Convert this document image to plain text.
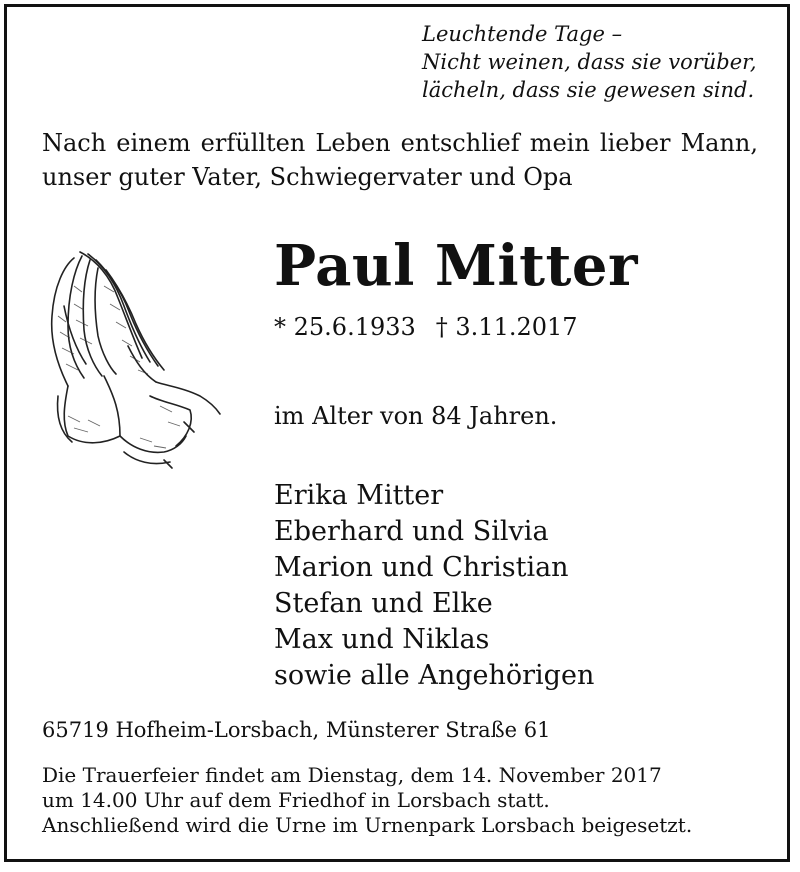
Leuchtende Tage –
Nicht weinen, dass sie vorüber,
lächeln, dass sie gewesen sind.
Nach einem erfüllten Leben entschlief mein lieber Mann, unser guter Vater, Schwiegervater und Opa
Paul Mitter
* 25.6.1933 † 3.11.2017
im Alter von 84 Jahren.
Erika Mitter
Eberhard und Silvia
Marion und Christian
Stefan und Elke
Max und Niklas
sowie alle Angehörigen
65719 Hofheim-Lorsbach, Münsterer Straße 61
Die Trauerfeier findet am Dienstag, dem 14. November 2017
um 14.00 Uhr auf dem Friedhof in Lorsbach statt.
Anschließend wird die Urne im Urnenpark Lorsbach beigesetzt.
